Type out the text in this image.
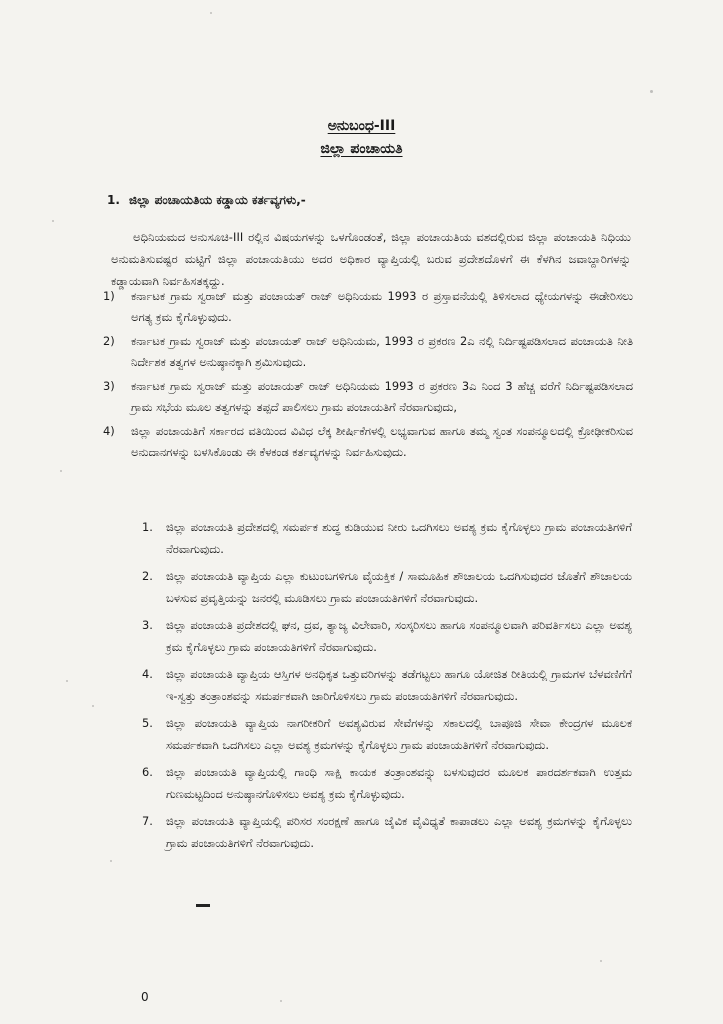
ಅನುಬಂಧ-III
ಜಿಲ್ಲಾ ಪಂಚಾಯತಿ
1. ಜಿಲ್ಲಾ ಪಂಚಾಯತಿಯ ಕಡ್ಡಾಯ ಕರ್ತವ್ಯಗಳು,-

ಅಧಿನಿಯಮದ ಅನುಸೂಚಿ-III ರಲ್ಲಿನ ವಿಷಯಗಳನ್ನು ಒಳಗೊಂಡಂತೆ, ಜಿಲ್ಲಾ ಪಂಚಾಯತಿಯ ವಶದಲ್ಲಿರುವ ಜಿಲ್ಲಾ ಪಂಚಾಯತಿ ನಿಧಿಯು ಅನುಮತಿಸುವಷ್ಟರ ಮಟ್ಟಿಗೆ ಜಿಲ್ಲಾ ಪಂಚಾಯತಿಯು ಅದರ ಅಧಿಕಾರ ವ್ಯಾಪ್ತಿಯಲ್ಲಿ ಬರುವ ಪ್ರದೇಶದೊಳಗೆ ಈ ಕೆಳಗಿನ ಜವಾಬ್ದಾರಿಗಳನ್ನು ಕಡ್ಡಾಯವಾಗಿ ನಿರ್ವಹಿಸತಕ್ಕದ್ದು.

1) ಕರ್ನಾಟಕ ಗ್ರಾಮ ಸ್ವರಾಜ್ ಮತ್ತು ಪಂಚಾಯತ್ ರಾಜ್ ಅಧಿನಿಯಮ 1993 ರ ಪ್ರಸ್ತಾವನೆಯಲ್ಲಿ ತಿಳಿಸಲಾದ ಧ್ಯೇಯಗಳನ್ನು ಈಡೇರಿಸಲು ಅಗತ್ಯ ಕ್ರಮ ಕೈಗೊಳ್ಳುವುದು.
2) ಕರ್ನಾಟಕ ಗ್ರಾಮ ಸ್ವರಾಜ್ ಮತ್ತು ಪಂಚಾಯತ್ ರಾಜ್ ಅಧಿನಿಯಮ, 1993 ರ ಪ್ರಕರಣ 2ಎ ನಲ್ಲಿ ನಿರ್ದಿಷ್ಟಪಡಿಸಲಾದ ಪಂಚಾಯತಿ ನೀತಿ ನಿರ್ದೇಶಕ ತತ್ವಗಳ ಅನುಷ್ಠಾನಕ್ಕಾಗಿ ಶ್ರಮಿಸುವುದು.
3) ಕರ್ನಾಟಕ ಗ್ರಾಮ ಸ್ವರಾಜ್ ಮತ್ತು ಪಂಚಾಯತ್ ರಾಜ್ ಅಧಿನಿಯಮ 1993 ರ ಪ್ರಕರಣ 3ಎ ನಿಂದ 3 ಹೆಚ್ಚ ವರೆಗೆ ನಿರ್ದಿಷ್ಟಪಡಿಸಲಾದ ಗ್ರಾಮ ಸಭೆಯ ಮೂಲ ತತ್ವಗಳನ್ನು ತಪ್ಪದೆ ಪಾಲಿಸಲು ಗ್ರಾಮ ಪಂಚಾಯತಿಗೆ ನೆರವಾಗುವುದು,
4) ಜಿಲ್ಲಾ ಪಂಚಾಯತಿಗೆ ಸರ್ಕಾರದ ವತಿಯಿಂದ ವಿವಿಧ ಲೆಕ್ಕ ಶೀರ್ಷಿಕೆಗಳಲ್ಲಿ ಲಭ್ಯವಾಗುವ ಹಾಗೂ ತಮ್ಮ ಸ್ವಂತ ಸಂಪನ್ಮೂಲದಲ್ಲಿ ಕ್ರೋಢೀಕರಿಸುವ ಅನುದಾನಗಳನ್ನು ಬಳಸಿಕೊಂಡು ಈ ಕೆಳಕಂಡ ಕರ್ತವ್ಯಗಳನ್ನು ನಿರ್ವಹಿಸುವುದು.
1. ಜಿಲ್ಲಾ ಪಂಚಾಯತಿ ಪ್ರದೇಶದಲ್ಲಿ ಸಮರ್ಪಕ ಶುದ್ಧ ಕುಡಿಯುವ ನೀರು ಒದಗಿಸಲು ಅವಶ್ಯ ಕ್ರಮ ಕೈಗೊಳ್ಳಲು ಗ್ರಾಮ ಪಂಚಾಯತಿಗಳಿಗೆ ನೆರವಾಗುವುದು.
2. ಜಿಲ್ಲಾ ಪಂಚಾಯತಿ ವ್ಯಾಪ್ತಿಯ ಎಲ್ಲಾ ಕುಟುಂಬಗಳಿಗೂ ವೈಯಕ್ತಿಕ / ಸಾಮೂಹಿಕ ಶೌಚಾಲಯ ಒದಗಿಸುವುದರ ಜೊತೆಗೆ ಶೌಚಾಲಯ ಬಳಸುವ ಪ್ರವೃತ್ತಿಯನ್ನು ಜನರಲ್ಲಿ ಮೂಡಿಸಲು ಗ್ರಾಮ ಪಂಚಾಯತಿಗಳಿಗೆ ನೆರವಾಗುವುದು.
3. ಜಿಲ್ಲಾ ಪಂಚಾಯತಿ ಪ್ರದೇಶದಲ್ಲಿ ಘನ, ದ್ರವ, ತ್ಯಾಜ್ಯ ವಿಲೇವಾರಿ, ಸಂಸ್ಕರಿಸಲು ಹಾಗೂ ಸಂಪನ್ಮೂಲವಾಗಿ ಪರಿವರ್ತಿಸಲು ಎಲ್ಲಾ ಅವಶ್ಯ ಕ್ರಮ ಕೈಗೊಳ್ಳಲು ಗ್ರಾಮ ಪಂಚಾಯತಿಗಳಿಗೆ ನೆರವಾಗುವುದು.
4. ಜಿಲ್ಲಾ ಪಂಚಾಯತಿ ವ್ಯಾಪ್ತಿಯ ಆಸ್ತಿಗಳ ಅನಧಿಕೃತ ಒತ್ತುವರಿಗಳನ್ನು ತಡೆಗಟ್ಟಲು ಹಾಗೂ ಯೋಜಿತ ರೀತಿಯಲ್ಲಿ ಗ್ರಾಮಗಳ ಬೆಳವಣಿಗೆಗೆ ಇ-ಸ್ವತ್ತು ತಂತ್ರಾಂಶವನ್ನು ಸಮರ್ಪಕವಾಗಿ ಜಾರಿಗೊಳಿಸಲು ಗ್ರಾಮ ಪಂಚಾಯತಿಗಳಿಗೆ ನೆರವಾಗುವುದು.
5. ಜಿಲ್ಲಾ ಪಂಚಾಯತಿ ವ್ಯಾಪ್ತಿಯ ನಾಗರೀಕರಿಗೆ ಅವಶ್ಯವಿರುವ ಸೇವೆಗಳನ್ನು ಸಕಾಲದಲ್ಲಿ ಬಾಪೂಜಿ ಸೇವಾ ಕೇಂದ್ರಗಳ ಮೂಲಕ ಸಮರ್ಪಕವಾಗಿ ಒದಗಿಸಲು ಎಲ್ಲಾ ಅವಶ್ಯ ಕ್ರಮಗಳನ್ನು ಕೈಗೊಳ್ಳಲು ಗ್ರಾಮ ಪಂಚಾಯತಿಗಳಿಗೆ ನೆರವಾಗುವುದು.
6. ಜಿಲ್ಲಾ ಪಂಚಾಯತಿ ವ್ಯಾಪ್ತಿಯಲ್ಲಿ ಗಾಂಧಿ ಸಾಕ್ಷಿ ಕಾಯಕ ತಂತ್ರಾಂಶವನ್ನು ಬಳಸುವುದರ ಮೂಲಕ ಪಾರದರ್ಶಕವಾಗಿ ಉತ್ತಮ ಗುಣಮಟ್ಟದಿಂದ ಅನುಷ್ಠಾನಗೊಳಿಸಲು ಅವಶ್ಯ ಕ್ರಮ ಕೈಗೊಳ್ಳುವುದು.
7. ಜಿಲ್ಲಾ ಪಂಚಾಯತಿ ವ್ಯಾಪ್ತಿಯಲ್ಲಿ ಪರಿಸರ ಸಂರಕ್ಷಣೆ ಹಾಗೂ ಜೈವಿಕ ವೈವಿಧ್ಯತೆ ಕಾಪಾಡಲು ಎಲ್ಲಾ ಅವಶ್ಯ ಕ್ರಮಗಳನ್ನು ಕೈಗೊಳ್ಳಲು ಗ್ರಾಮ ಪಂಚಾಯತಿಗಳಿಗೆ ನೆರವಾಗುವುದು.
0
